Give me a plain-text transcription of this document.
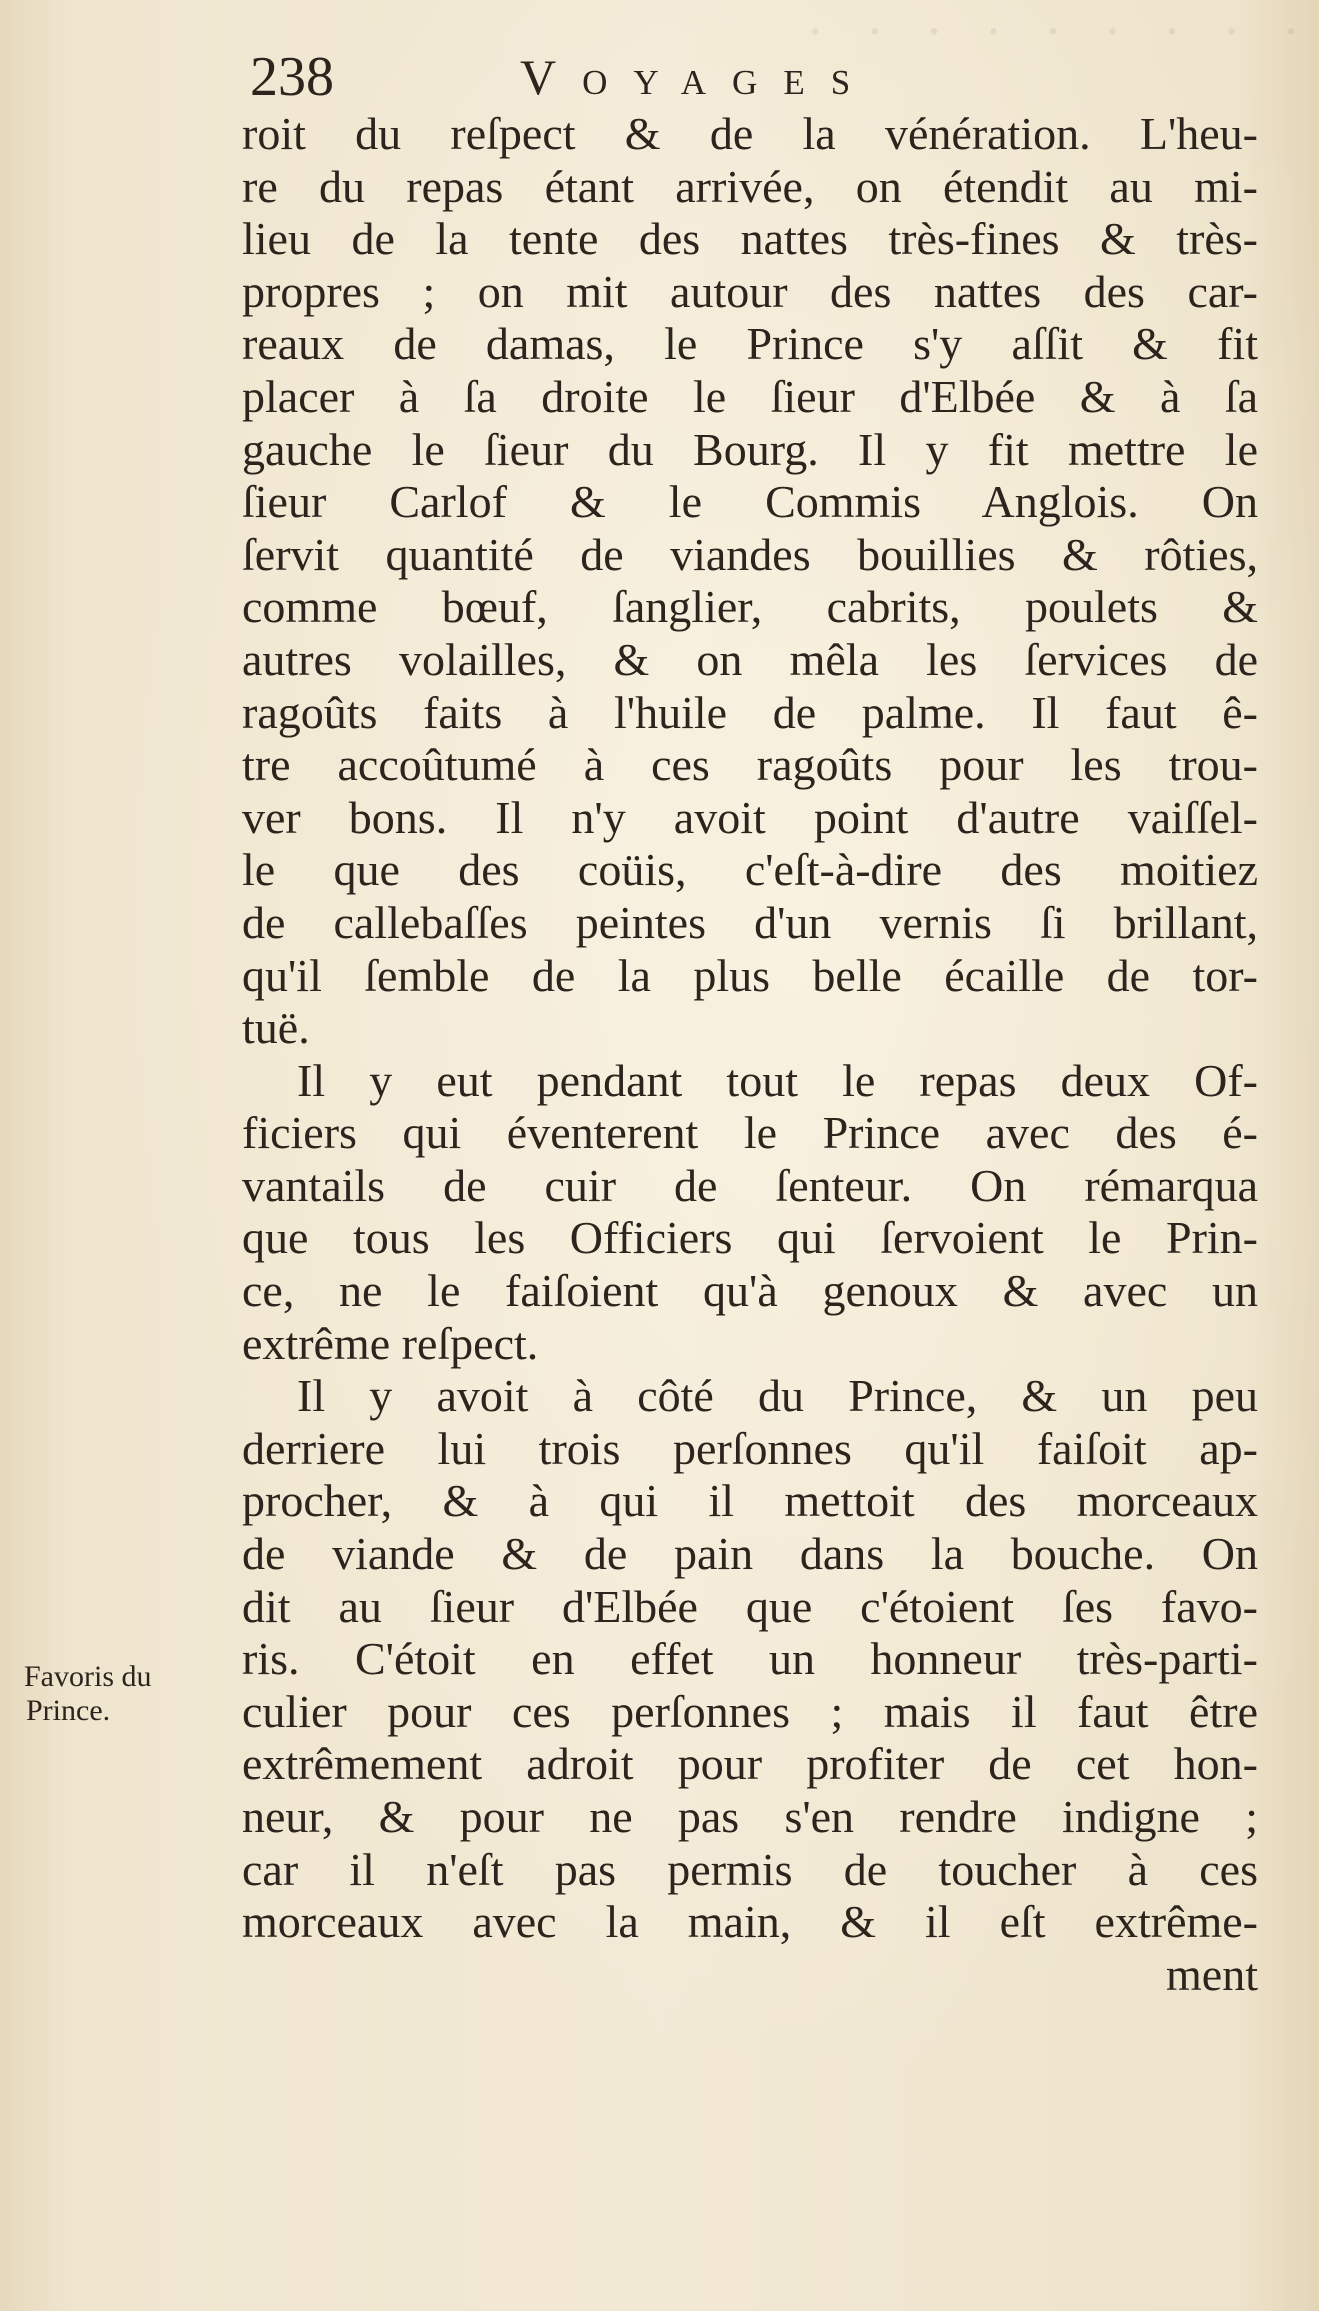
· · · · · · · · ·
238	Voyages
Favoris du
Prince.
roit du reſpect & de la vénération. L'heu-
re du repas étant arrivée, on étendit au mi-
lieu de la tente des nattes très-fines & très-
propres ; on mit autour des nattes des car-
reaux de damas, le Prince s'y aſſit & fit
placer à ſa droite le ſieur d'Elbée & à ſa
gauche le ſieur du Bourg. Il y fit mettre le
ſieur Carlof & le Commis Anglois. On
ſervit quantité de viandes bouillies & rôties,
comme bœuf, ſanglier, cabrits, poulets &
autres volailles, & on mêla les ſervices de
ragoûts faits à l'huile de palme. Il faut ê-
tre accoûtumé à ces ragoûts pour les trou-
ver bons. Il n'y avoit point d'autre vaiſſel-
le que des coüis, c'eſt-à-dire des moitiez
de callebaſſes peintes d'un vernis ſi brillant,
qu'il ſemble de la plus belle écaille de tor-
tuë.
Il y eut pendant tout le repas deux Of-
ficiers qui éventerent le Prince avec des é-
vantails de cuir de ſenteur. On rémarqua
que tous les Officiers qui ſervoient le Prin-
ce, ne le faiſoient qu'à genoux & avec un
extrême reſpect.
Il y avoit à côté du Prince, & un peu
derriere lui trois perſonnes qu'il faiſoit ap-
procher, & à qui il mettoit des morceaux
de viande & de pain dans la bouche. On
dit au ſieur d'Elbée que c'étoient ſes favo-
ris. C'étoit en effet un honneur très-parti-
culier pour ces perſonnes ; mais il faut être
extrêmement adroit pour profiter de cet hon-
neur, & pour ne pas s'en rendre indigne ;
car il n'eſt pas permis de toucher à ces
morceaux avec la main, & il eſt extrême-
ment
